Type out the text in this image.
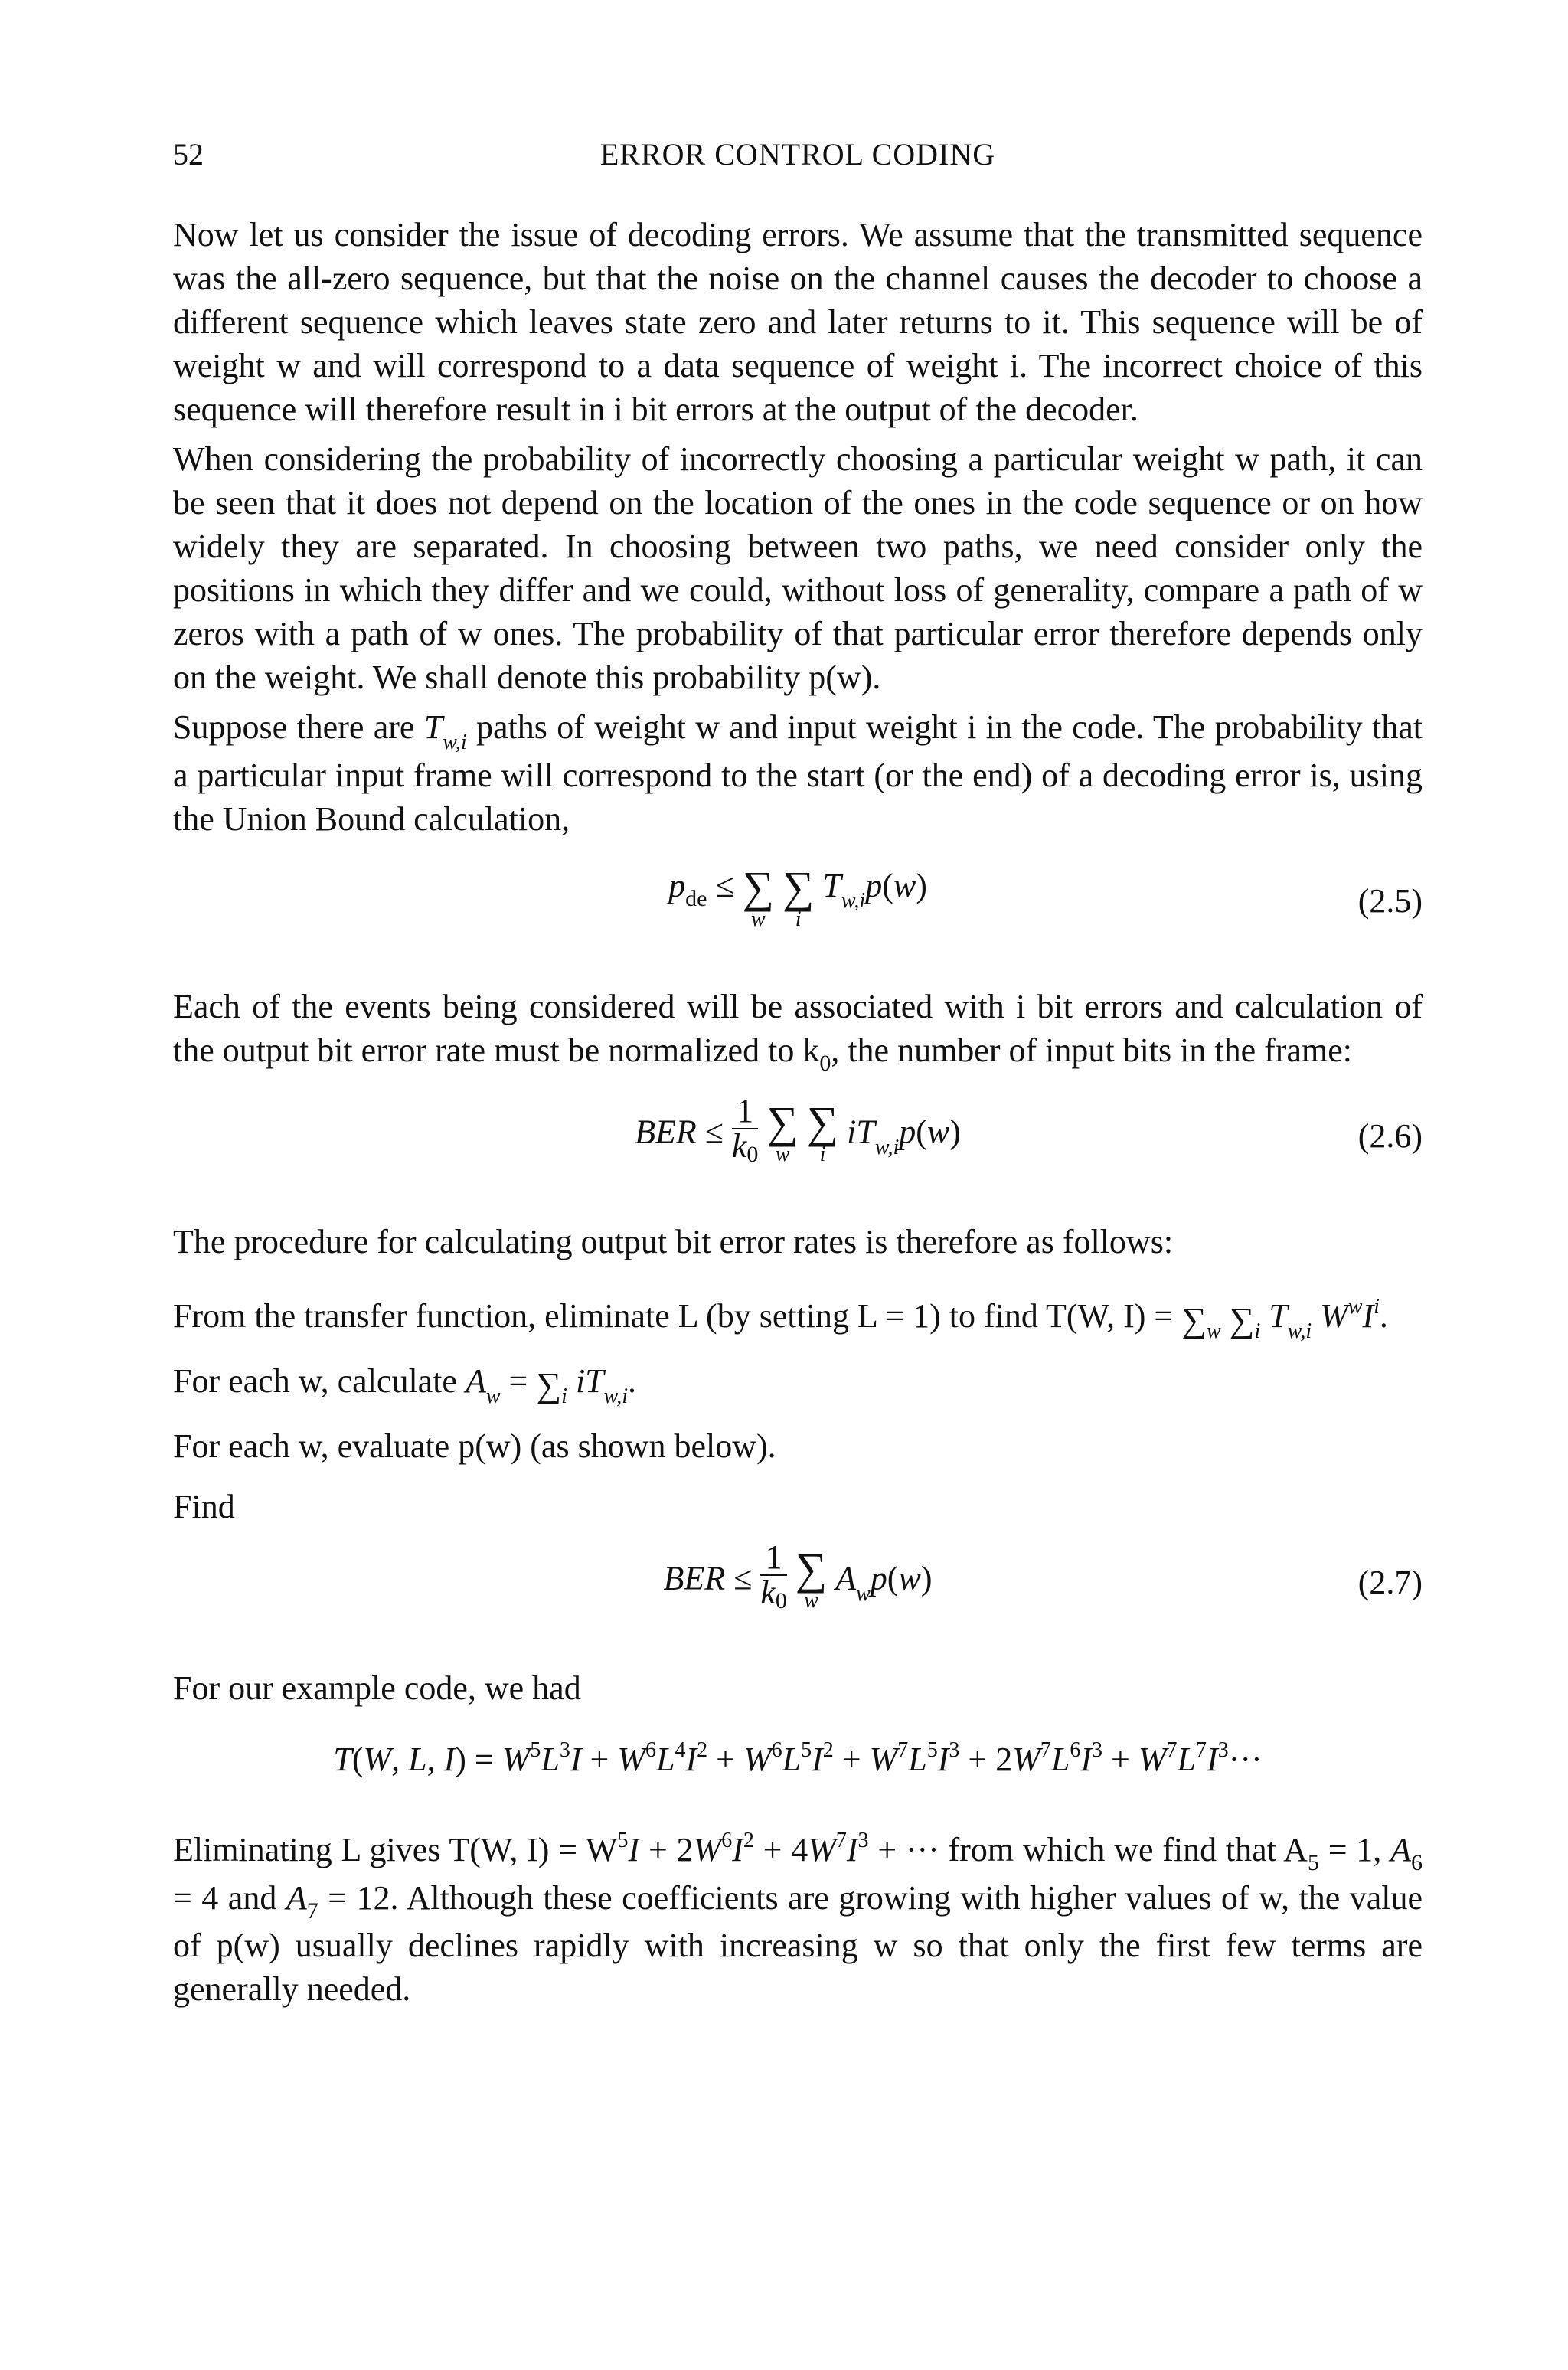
52	ERROR CONTROL CODING

Now let us consider the issue of decoding errors. We assume that the transmitted sequence was the all-zero sequence, but that the noise on the channel causes the decoder to choose a different sequence which leaves state zero and later returns to it. This sequence will be of weight w and will correspond to a data sequence of weight i. The incorrect choice of this sequence will therefore result in i bit errors at the output of the decoder.

When considering the probability of incorrectly choosing a particular weight w path, it can be seen that it does not depend on the location of the ones in the code sequence or on how widely they are separated. In choosing between two paths, we need consider only the positions in which they differ and we could, without loss of generality, compare a path of w zeros with a path of w ones. The probability of that particular error therefore depends only on the weight. We shall denote this probability p(w).

Suppose there are $T_{w,i}$ paths of weight w and input weight i in the code. The probability that a particular input frame will correspond to the start (or the end) of a decoding error is, using the Union Bound calculation,

$p_{de}$ ≤ ∑
w
∑
i
$T_{w,i}p(w)$	(2.5)

Each of the events being considered will be associated with i bit errors and calculation of the output bit error rate must be normalized to $k_0$, the number of input bits in the frame:

BER ≤ $\frac{1}{k0}$ ∑
w
∑
i
$iT_{w,i}p(w)$	(2.6)

The procedure for calculating output bit error rates is therefore as follows:

From the transfer function, eliminate L (by setting L = 1) to find T(W, $I) = \sum_w$ $\sum_i$ $T_{w,i}$ $W^wI^i$.

For each w, calculate $A_w = \sum_i$ $iT_{w,i}$.

For each w, evaluate p(w) (as shown below).

Find

BER ≤ $\frac{1}{k0}$ ∑
w
$A_wp(w)$	(2.7)

For our example code, we had

T(W, L, $I) = W^5L^3I + W^6L^4I^2 + W^6L^5I^2 + W^7L^5I^3 + 2W^7L^6I^3 + W^7L^7I^3\cdot\cdot\cdot$

Eliminating L gives T(W, $I) = W^5I + 2W^6I^2 + 4W^7I^3$ + ··· from which we find that $A_5 = 1$, $A_6 = 4$ and $A_7 = 12$. Although these coefficients are growing with higher values of w, the value of p(w) usually declines rapidly with increasing w so that only the first few terms are generally needed.
